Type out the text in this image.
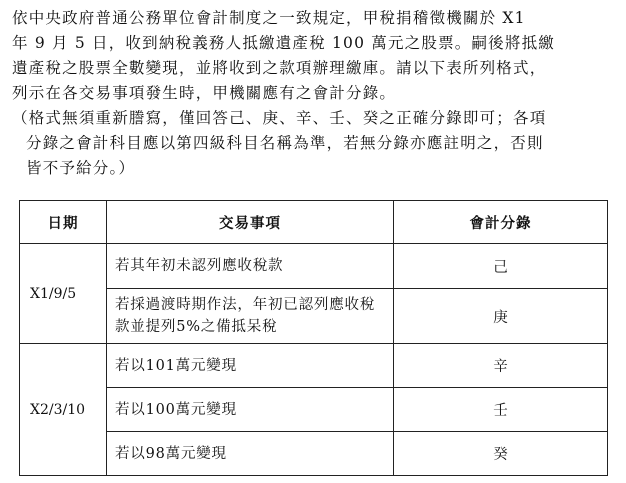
依中央政府普通公務單位會計制度之一致規定，甲稅捐稽徵機關於 X1
年 9 月 5 日，收到納稅義務人抵繳遺產稅 100 萬元之股票。嗣後將抵繳
遺產稅之股票全數變現，並將收到之款項辦理繳庫。請以下表所列格式，
列示在各交易事項發生時，甲機關應有之會計分錄。

（格式無須重新謄寫，僅回答己、庚、辛、壬、癸之正確分錄即可；各項
分錄之會計科目應以第四級科目名稱為準，若無分錄亦應註明之，否則
皆不予給分。）

日期	交易事項	會計分錄
X1/9/5	若其年初未認列應收稅款	己
	若採過渡時期作法，年初已認列應收稅款並提列5%之備抵呆稅	庚
X2/3/10	若以101萬元變現	辛
	若以100萬元變現	壬
	若以98萬元變現	癸
